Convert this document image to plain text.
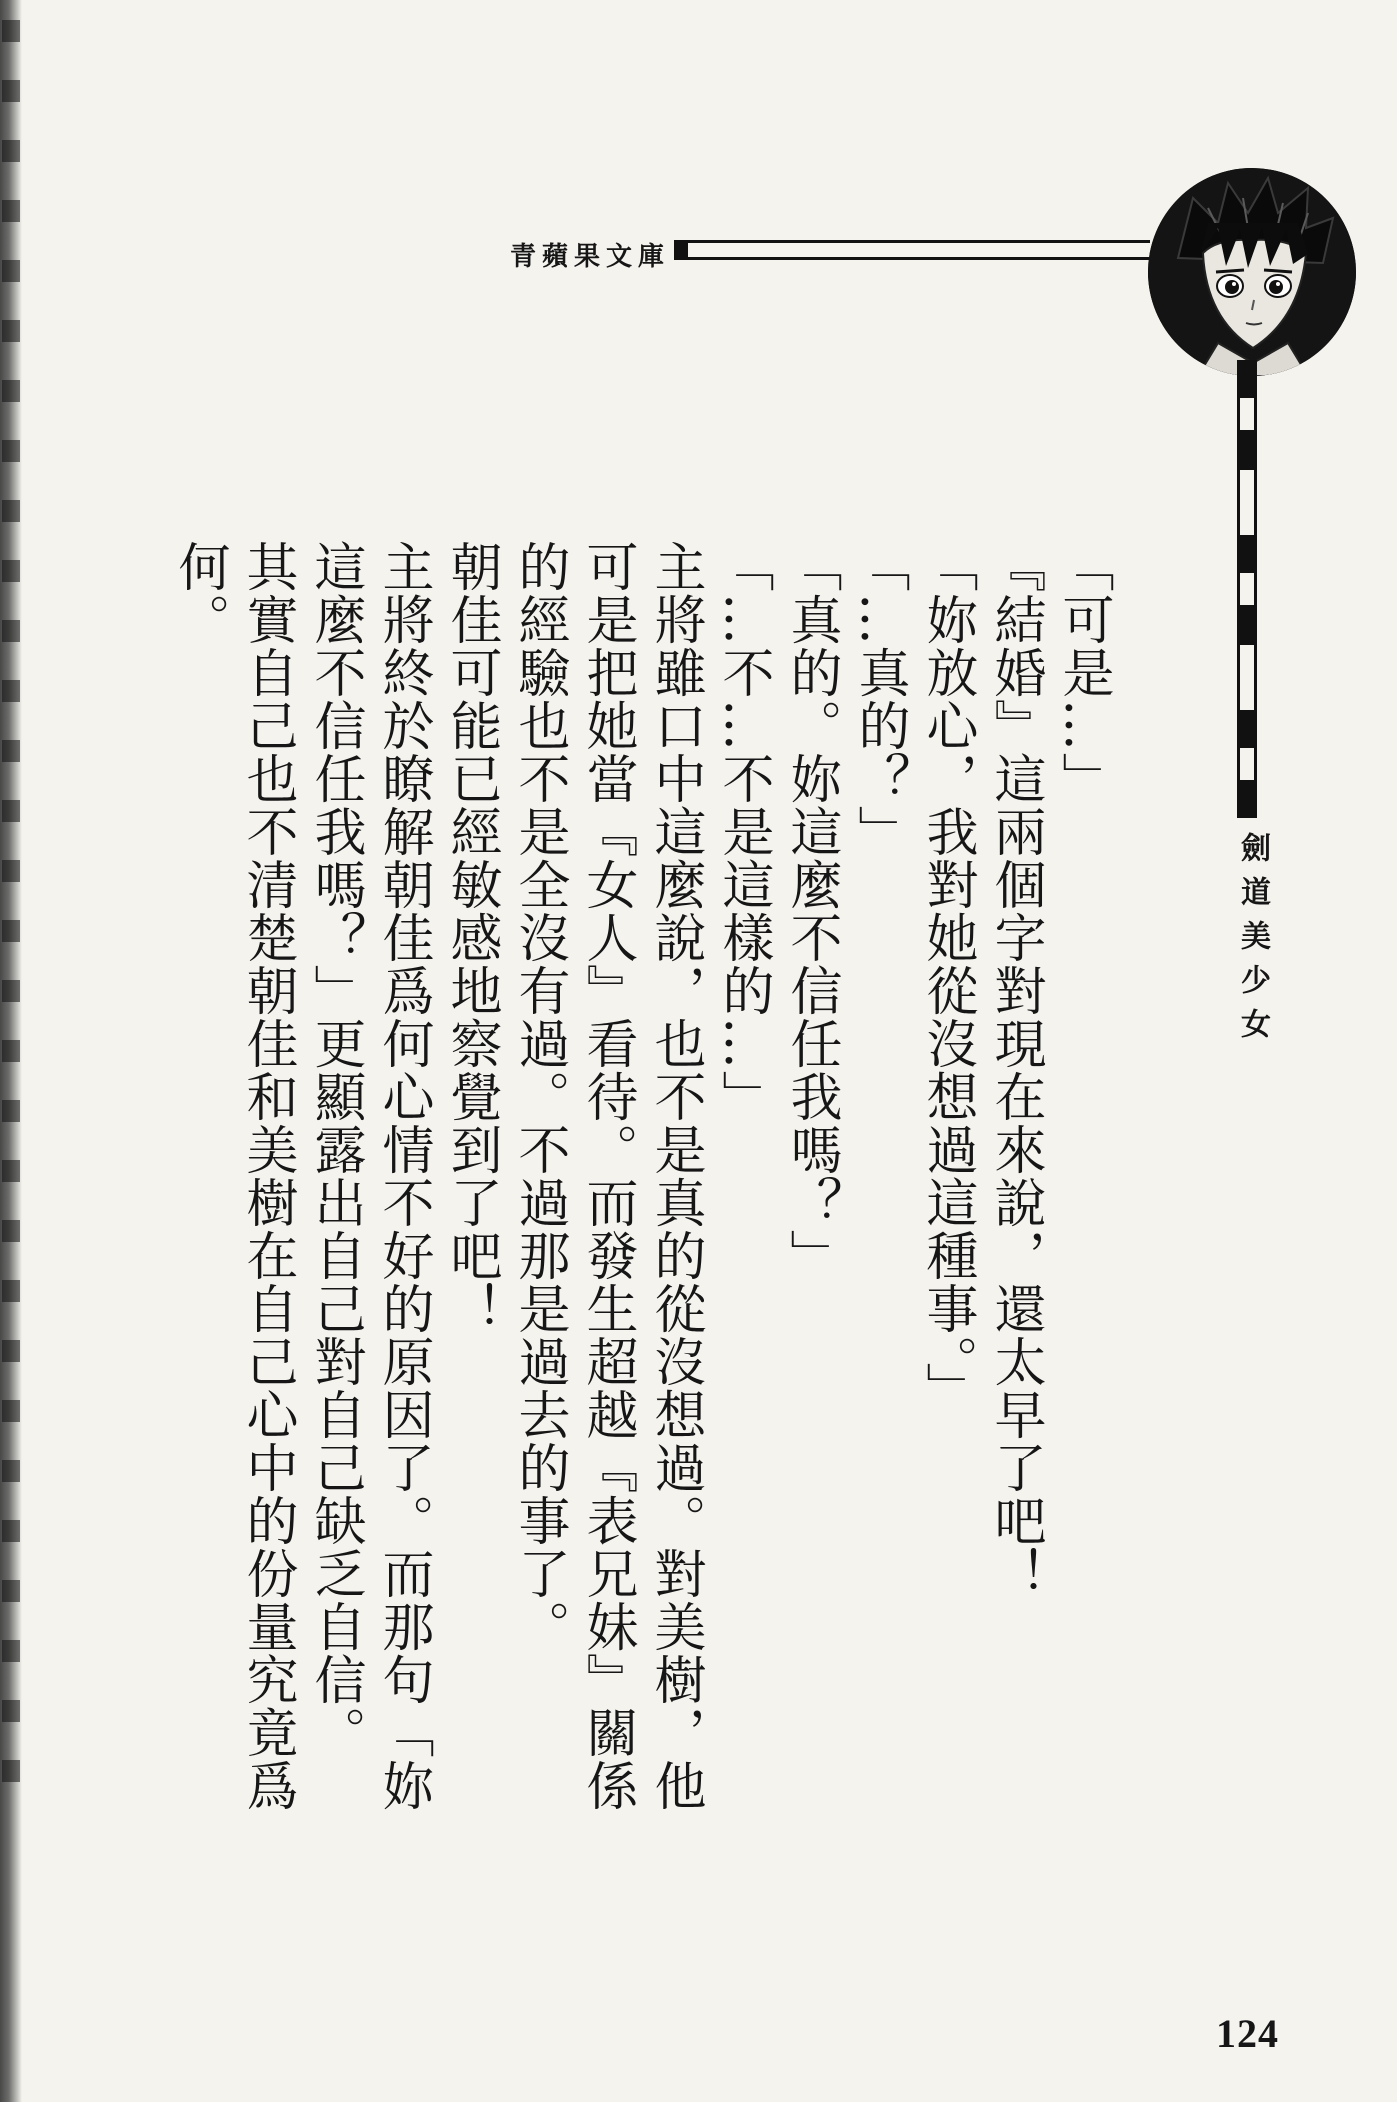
青蘋果文庫
劍道美少女

「可是…」

『結婚』這兩個字對現在來說，還太早了吧！

「妳放心，我對她從沒想過這種事。」

「…真的？」

「真的。妳這麼不信任我嗎？」

「…不…不是這樣的…」

主將雖口中這麼說，也不是真的從沒想過。對美樹，他可是把她當『女人』看待。而發生超越『表兄妹』關係的經驗也不是全沒有過。不過那是過去的事了。

朝佳可能已經敏感地察覺到了吧！

主將終於瞭解朝佳爲何心情不好的原因了。而那句「妳這麼不信任我嗎？」更顯露出自己對自己缺乏自信。

其實自己也不清楚朝佳和美樹在自己心中的份量究竟爲何。

124
